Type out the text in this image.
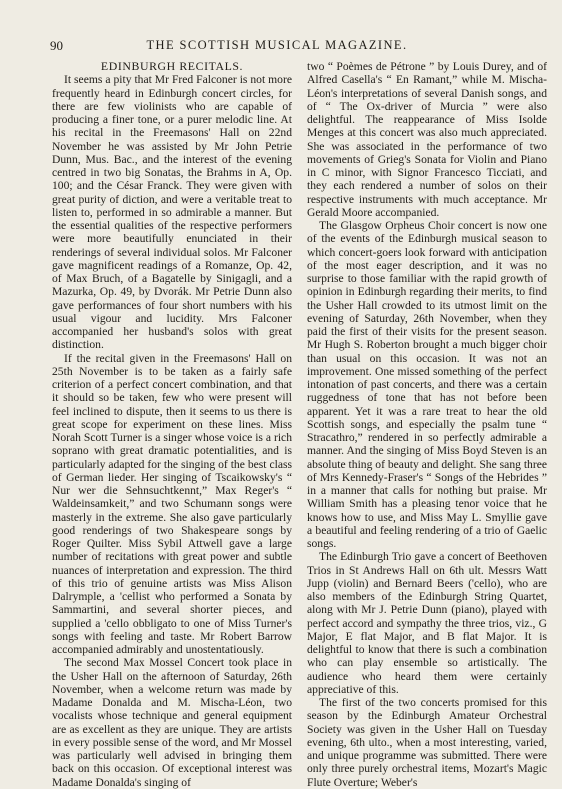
90	THE SCOTTISH MUSICAL MAGAZINE.
EDINBURGH RECITALS.

It seems a pity that Mr Fred Falconer is not more frequently heard in Edinburgh concert circles, for there are few violinists who are capable of producing a finer tone, or a purer melodic line. At his recital in the Freemasons' Hall on 22nd November he was assisted by Mr John Petrie Dunn, Mus. Bac., and the interest of the evening centred in two big Sonatas, the Brahms in A, Op. 100; and the César Franck. They were given with great purity of diction, and were a veritable treat to listen to, performed in so admirable a manner. But the essential qualities of the respective performers were more beautifully enunciated in their renderings of several individual solos. Mr Falconer gave magnificent readings of a Romanze, Op. 42, of Max Bruch, of a Bagatelle by Sinigagli, and a Mazurka, Op. 49, by Dvorák. Mr Petrie Dunn also gave performances of four short numbers with his usual vigour and lucidity. Mrs Falconer accompanied her husband's solos with great distinction.

If the recital given in the Freemasons' Hall on 25th November is to be taken as a fairly safe criterion of a perfect concert combination, and that it should so be taken, few who were present will feel inclined to dispute, then it seems to us there is great scope for experiment on these lines. Miss Norah Scott Turner is a singer whose voice is a rich soprano with great dramatic potentialities, and is particularly adapted for the singing of the best class of German lieder. Her singing of Tscaikowsky's “ Nur wer die Sehnsuchtkennt,” Max Reger's “ Waldeinsamkeit,” and two Schumann songs were masterly in the extreme. She also gave particularly good renderings of two Shakespeare songs by Roger Quilter. Miss Sybil Attwell gave a large number of recitations with great power and subtle nuances of interpretation and expression. The third of this trio of genuine artists was Miss Alison Dalrymple, a 'cellist who performed a Sonata by Sammartini, and several shorter pieces, and supplied a 'cello obbligato to one of Miss Turner's songs with feeling and taste. Mr Robert Barrow accompanied admirably and unostentatiously.

The second Max Mossel Concert took place in the Usher Hall on the afternoon of Saturday, 26th November, when a welcome return was made by Madame Donalda and M. Mischa-Léon, two vocalists whose technique and general equipment are as excellent as they are unique. They are artists in every possible sense of the word, and Mr Mossel was particularly well advised in bringing them back on this occasion. Of exceptional interest was Madame Donalda's singing of

two “ Poèmes de Pétrone ” by Louis Durey, and of Alfred Casella's “ En Ramant,” while M. Mischa-Léon's interpretations of several Danish songs, and of “ The Ox-driver of Murcia ” were also delightful. The reappearance of Miss Isolde Menges at this concert was also much appreciated. She was associated in the performance of two movements of Grieg's Sonata for Violin and Piano in C minor, with Signor Francesco Ticciati, and they each rendered a number of solos on their respective instruments with much acceptance. Mr Gerald Moore accompanied.

The Glasgow Orpheus Choir concert is now one of the events of the Edinburgh musical season to which concert-goers look forward with anticipation of the most eager description, and it was no surprise to those familiar with the rapid growth of opinion in Edinburgh regarding their merits, to find the Usher Hall crowded to its utmost limit on the evening of Saturday, 26th November, when they paid the first of their visits for the present season. Mr Hugh S. Roberton brought a much bigger choir than usual on this occasion. It was not an improvement. One missed something of the perfect intonation of past concerts, and there was a certain ruggedness of tone that has not before been apparent. Yet it was a rare treat to hear the old Scottish songs, and especially the psalm tune “ Stracathro,” rendered in so perfectly admirable a manner. And the singing of Miss Boyd Steven is an absolute thing of beauty and delight. She sang three of Mrs Kennedy-Fraser's “ Songs of the Hebrides ” in a manner that calls for nothing but praise. Mr William Smith has a pleasing tenor voice that he knows how to use, and Miss May L. Smyllie gave a beautiful and feeling rendering of a trio of Gaelic songs.

The Edinburgh Trio gave a concert of Beethoven Trios in St Andrews Hall on 6th ult. Messrs Watt Jupp (violin) and Bernard Beers ('cello), who are also members of the Edinburgh String Quartet, along with Mr J. Petrie Dunn (piano), played with perfect accord and sympathy the three trios, viz., G Major, E flat Major, and B flat Major. It is delightful to know that there is such a combination who can play ensemble so artistically. The audience who heard them were certainly appreciative of this.

The first of the two concerts promised for this season by the Edinburgh Amateur Orchestral Society was given in the Usher Hall on Tuesday evening, 6th ulto., when a most interesting, varied, and unique programme was submitted. There were only three purely orchestral items, Mozart's Magic Flute Overture; Weber's
